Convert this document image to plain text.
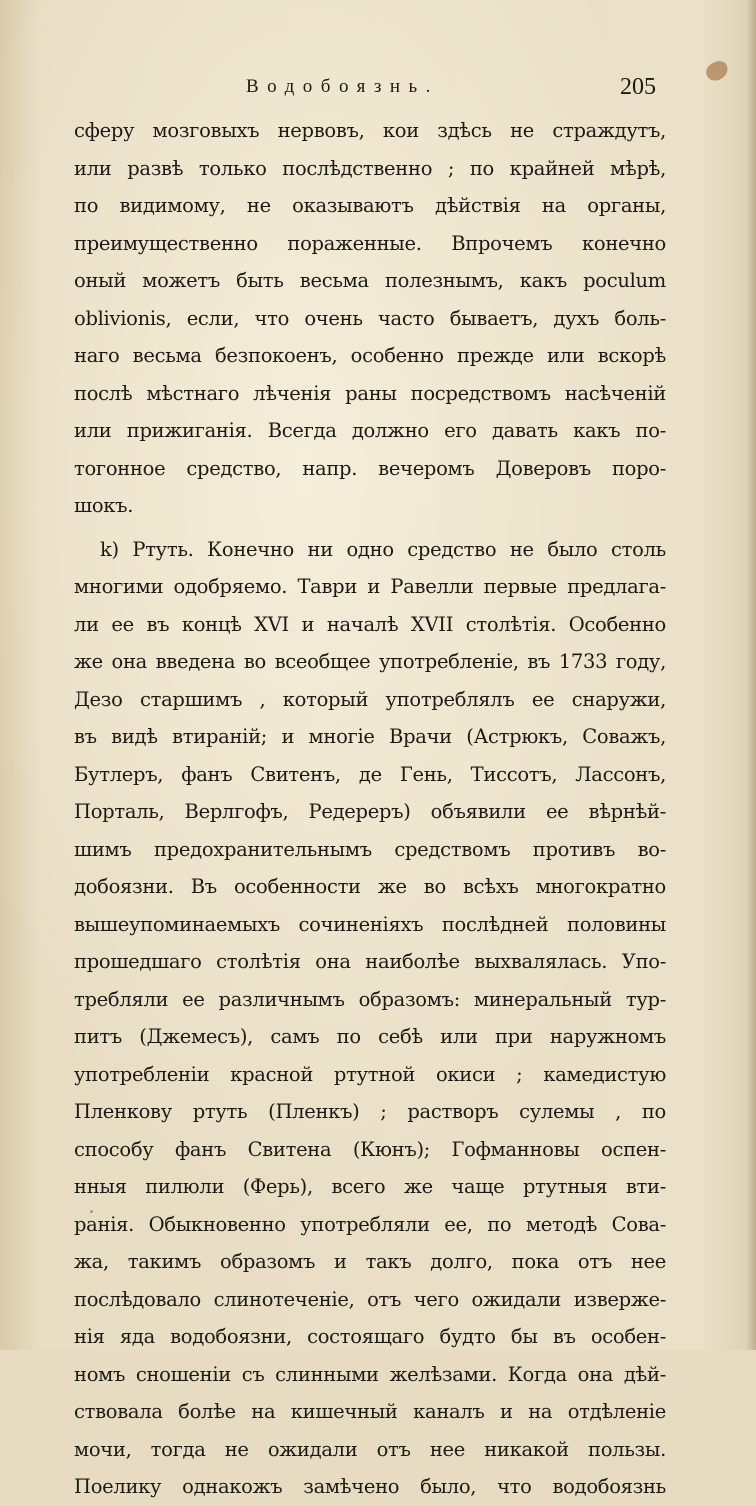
Водобоязнь.	205
сферу мозговыхъ нервовъ, кои здѣсь не страждутъ,
или развѣ только послѣдственно ; по крайней мѣрѣ,
по видимому, не оказываютъ дѣйствія на органы,
преимущественно пораженные. Впрочемъ конечно
оный можетъ быть весьма полезнымъ, какъ poculum
oblivionis, если, что очень часто бываетъ, духъ боль-
наго весьма безпокоенъ, особенно прежде или вскорѣ
послѣ мѣстнаго лѣченія раны посредствомъ насѣченій
или прижиганія. Всегда должно его давать какъ по-
тогонное средство, напр. вечеромъ Доверовъ поро-
шокъ.
k) Ртуть. Конечно ни одно средство не было столь
многими одобряемо. Таври и Равелли первые предлага-
ли ее въ концѣ XVI и началѣ XVII столѣтія. Особенно
же она введена во всеобщее употребленіе, въ 1733 году,
Дезо старшимъ , который употреблялъ ее снаружи,
въ видѣ втираній; и многіе Врачи (Астрюкъ, Соважъ,
Бутлеръ, фанъ Свитенъ, де Гень, Тиссотъ, Лассонъ,
Порталь, Верлгофъ, Редереръ) объявили ее вѣрнѣй-
шимъ предохранительнымъ средствомъ противъ во-
добоязни. Въ особенности же во всѣхъ многократно
вышеупоминаемыхъ сочиненіяхъ послѣдней половины
прошедшаго столѣтія она наиболѣе выхвалялась. Упо-
требляли ее различнымъ образомъ: минеральный тур-
питъ (Джемесъ), самъ по себѣ или при наружномъ
употребленіи красной ртутной окиси ; камедистую
Пленкову ртуть (Пленкъ) ; растворъ сулемы , по
способу фанъ Свитена (Кюнъ); Гофманновы оспен-
нныя пилюли (Ферь), всего же чаще ртутныя вти-
ранія. Обыкновенно употребляли ее, по методѣ Сова-
жа, такимъ образомъ и такъ долго, пока отъ нее
послѣдовало слинотеченіе, отъ чего ожидали изверже-
нія яда водобоязни, состоящаго будто бы въ особен-
номъ сношеніи съ слинными желѣзами. Когда она дѣй-
ствовала болѣе на кишечный каналъ и на отдѣленіе
мочи, тогда не ожидали отъ нее никакой пользы.
Поелику однакожъ замѣчено было, что водобоязнь
